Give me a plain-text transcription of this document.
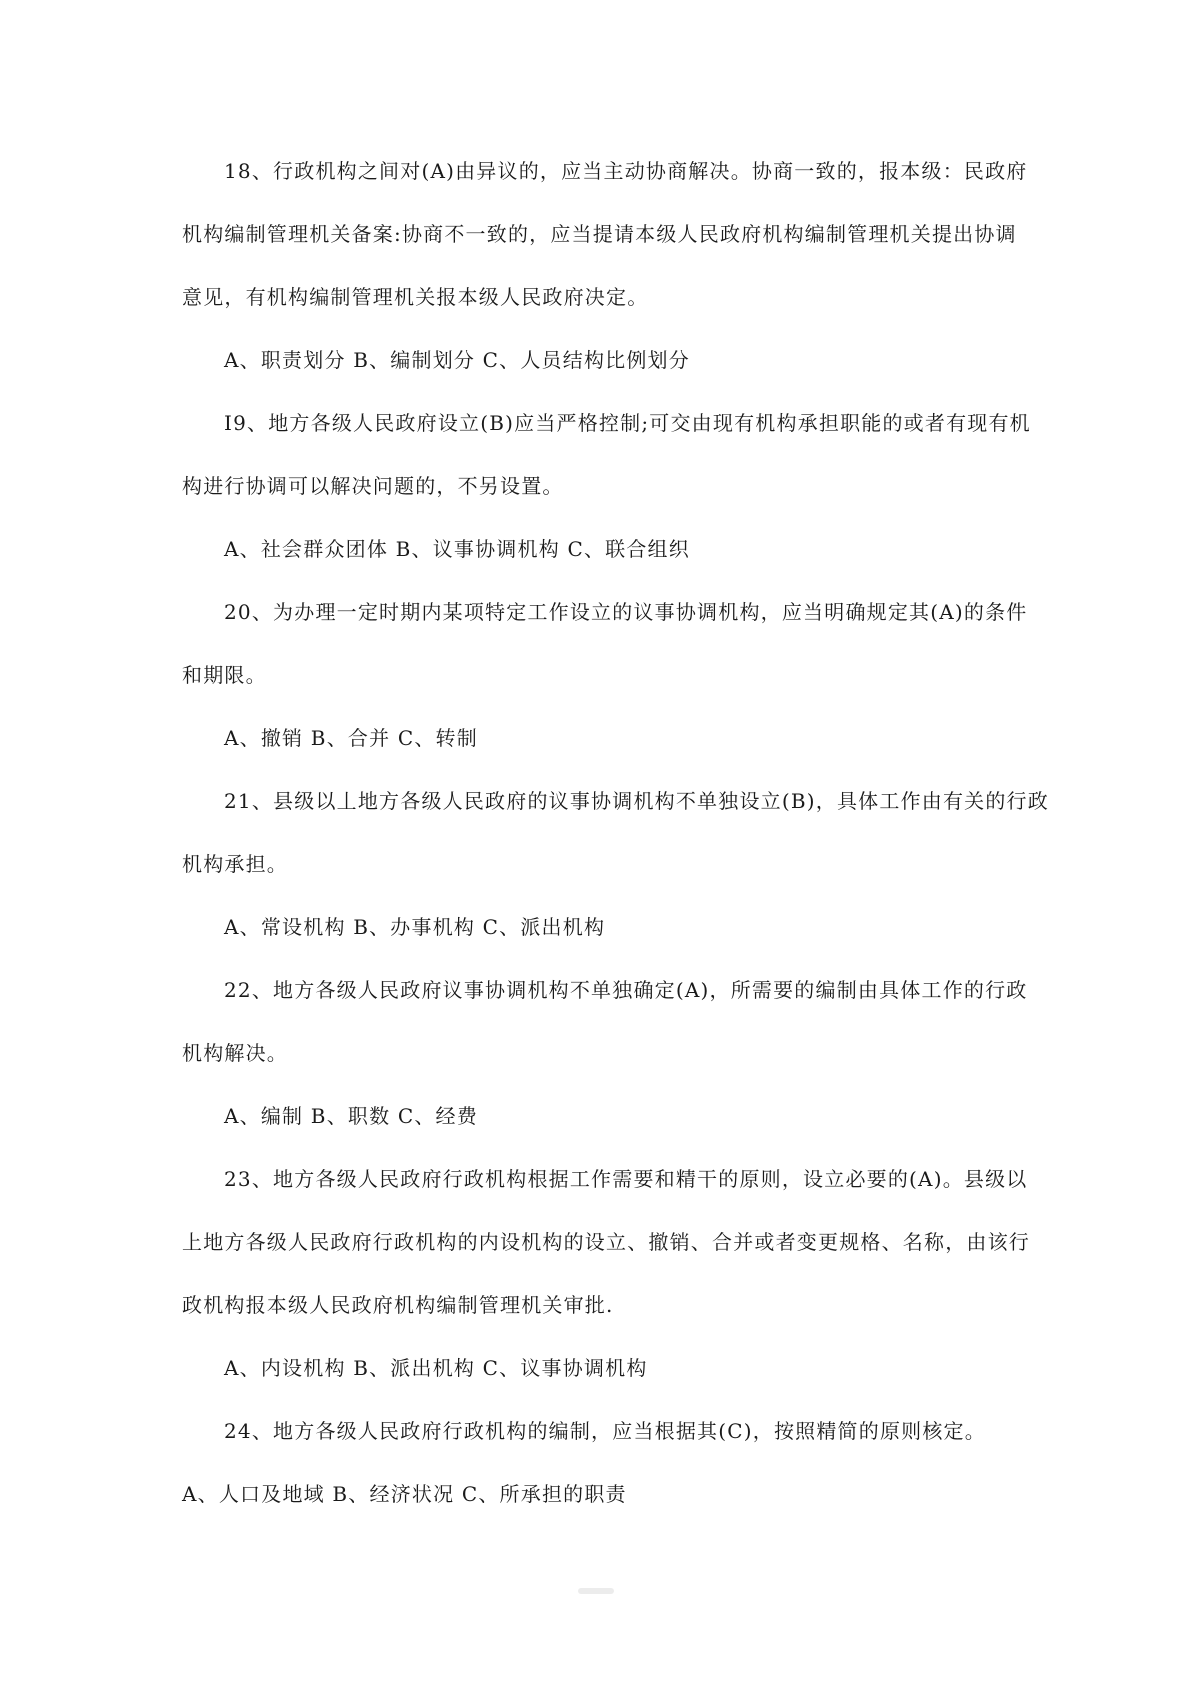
18、行政机构之间对(A)由异议的，应当主动协商解决。协商一致的，报本级：民政府
机构编制管理机关备案:协商不一致的，应当提请本级人民政府机构编制管理机关提出协调
意见，有机构编制管理机关报本级人民政府决定。
A、职责划分 B、编制划分 C、人员结构比例划分
I9、地方各级人民政府设立(B)应当严格控制;可交由现有机构承担职能的或者有现有机
构进行协调可以解决问题的，不另设置。
A、社会群众团体 B、议事协调机构 C、联合组织
20、为办理一定时期内某项特定工作设立的议事协调机构，应当明确规定其(A)的条件
和期限。
A、撤销 B、合并 C、转制
21、县级以丄地方各级人民政府的议事协调机构不单独设立(B)，具体工作由有关的行政
机构承担。
A、常设机构 B、办事机构 C、派出机构
22、地方各级人民政府议事协调机构不单独确定(A)，所需要的编制由具体工作的行政
机构解决。
A、编制 B、职数 C、经费
23、地方各级人民政府行政机构根据工作需要和精干的原则，设立必要的(A)。县级以
上地方各级人民政府行政机构的内设机构的设立、撤销、合并或者变更规格、名称，由该行
政机构报本级人民政府机构编制管理机关审批.
A、内设机构 B、派出机构 C、议事协调机构
24、地方各级人民政府行政机构的编制，应当根据其(C)，按照精简的原则核定。
A、人口及地域 B、经济状况 C、所承担的职责
